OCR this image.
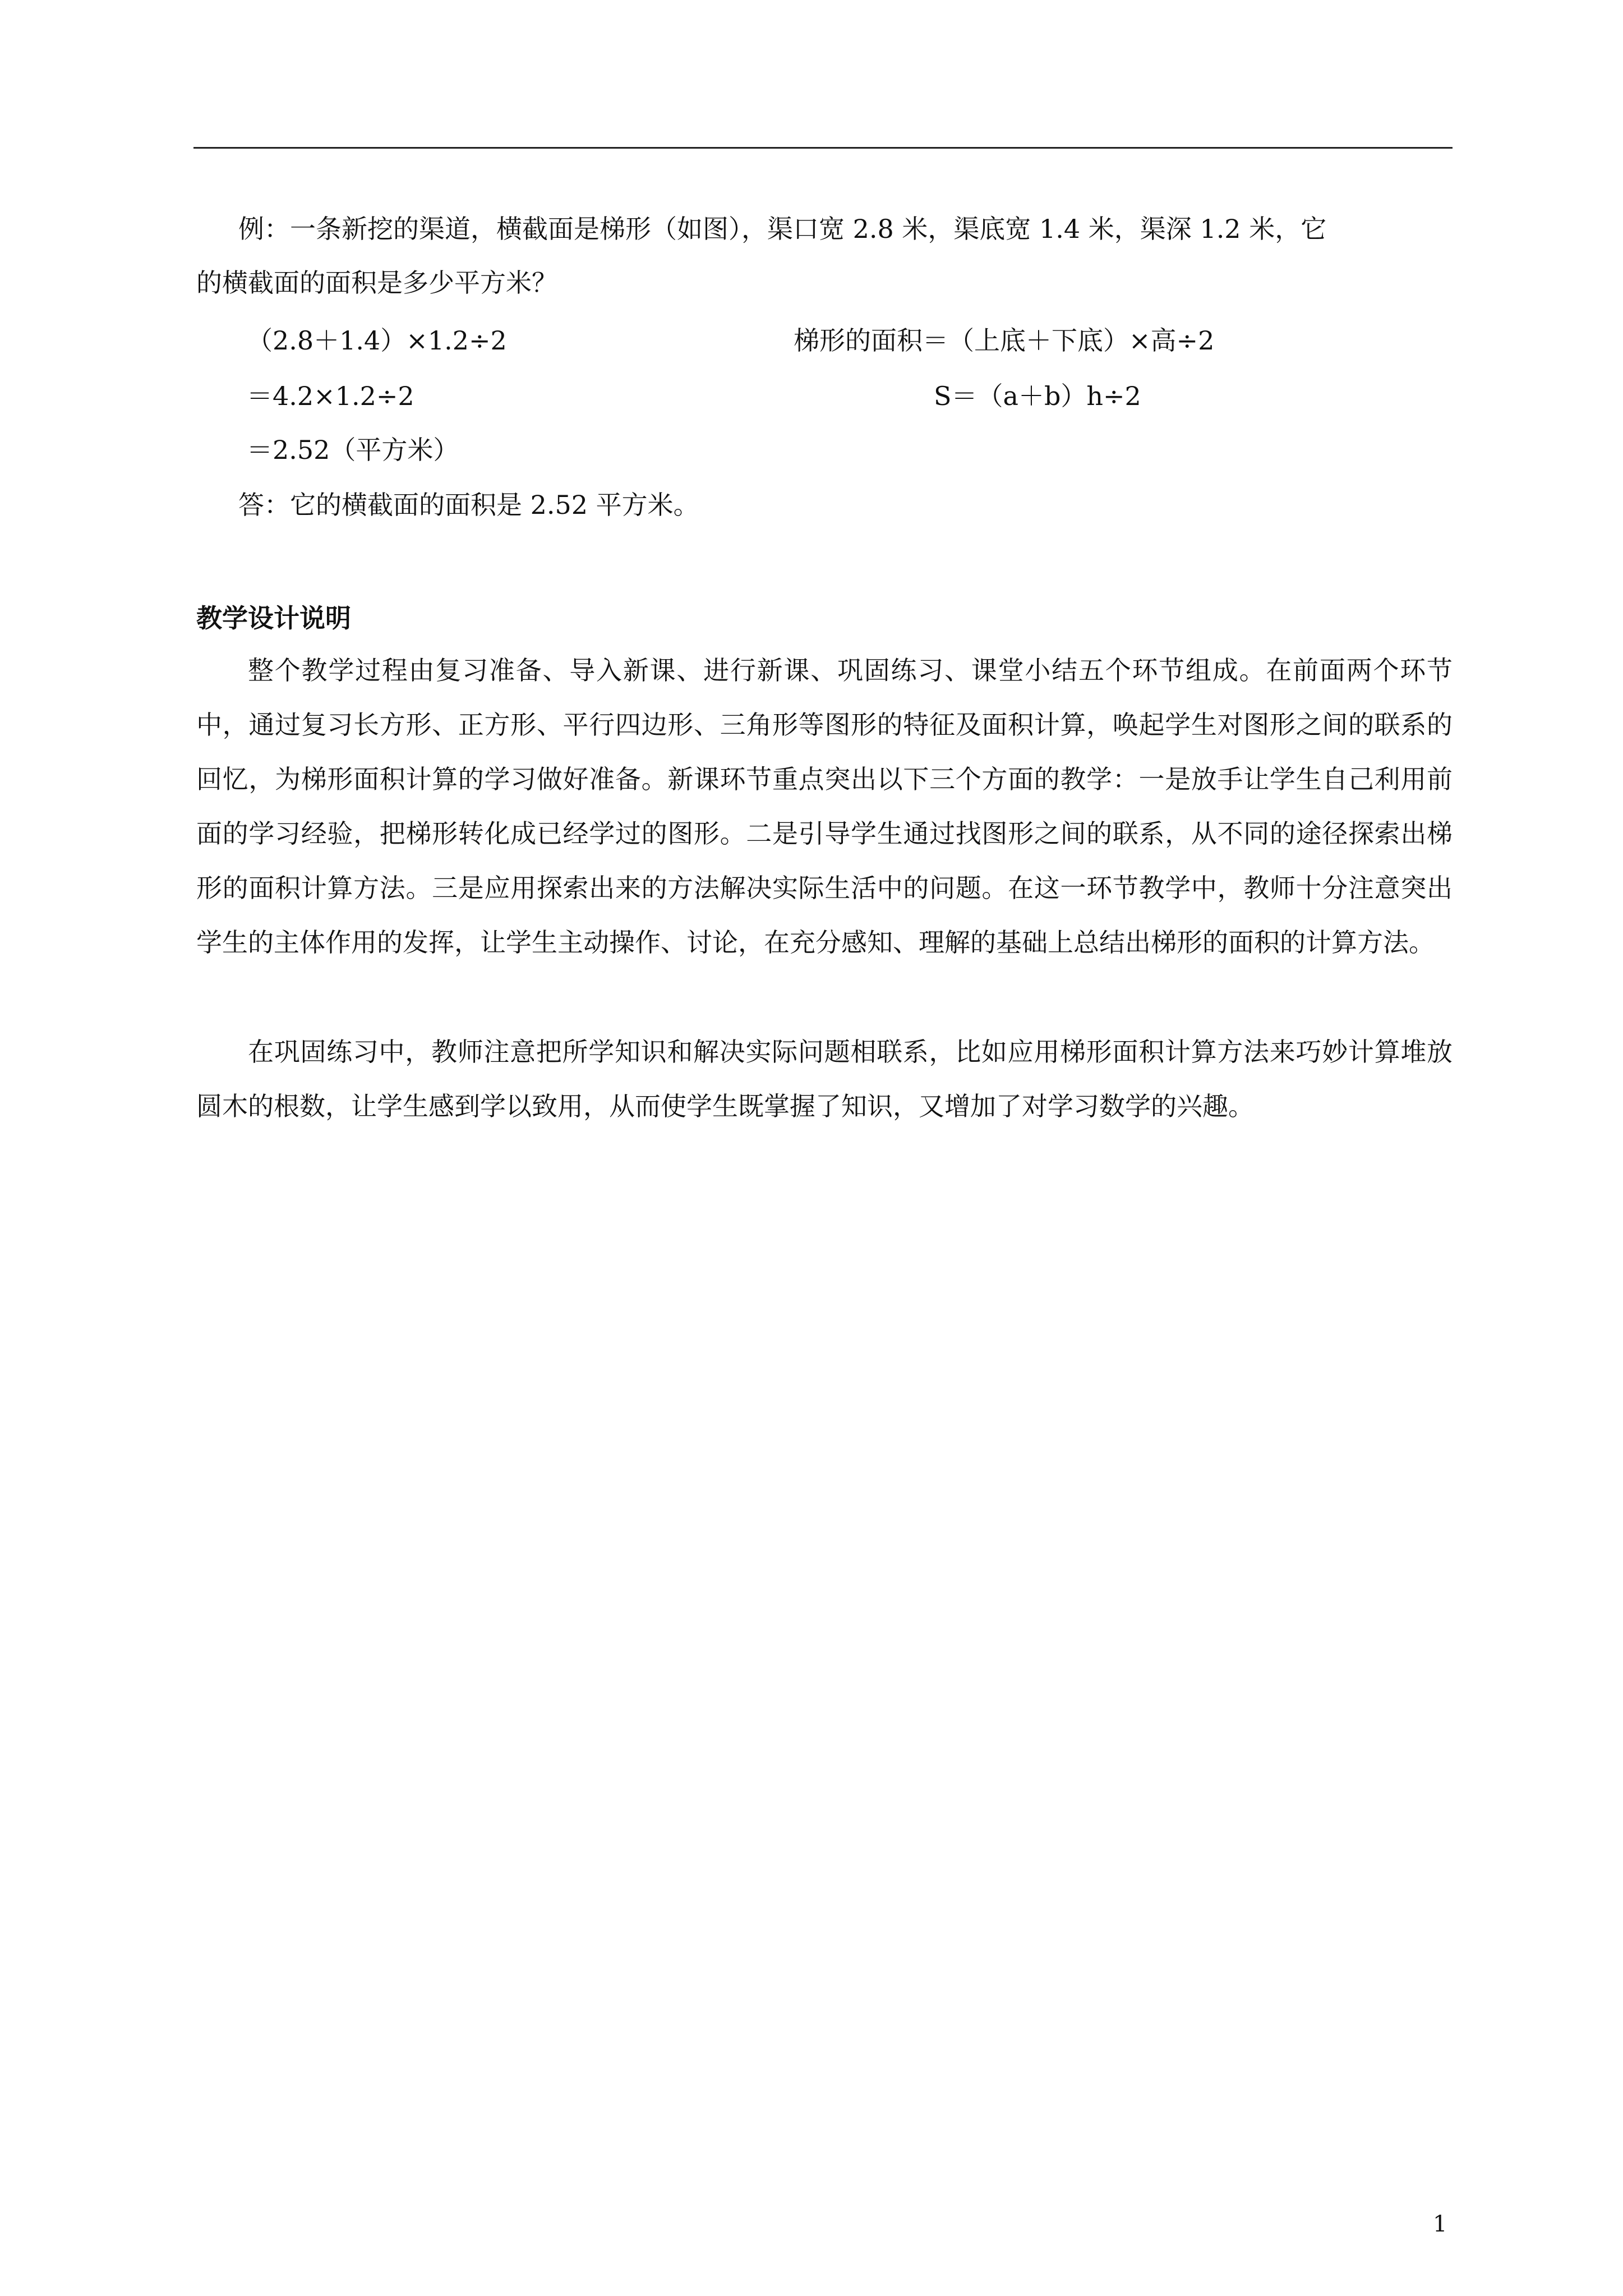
例：一条新挖的渠道，横截面是梯形（如图），渠口宽 2.8 米，渠底宽 1.4 米，渠深 1.2 米，它
的横截面的面积是多少平方米？
（2.8＋1.4）×1.2÷2	梯形的面积＝（上底＋下底）×高÷2
＝4.2×1.2÷2	S＝（a＋b）h÷2
＝2.52（平方米）
答：它的横截面的面积是 2.52 平方米。
教学设计说明
整个教学过程由复习准备、导入新课、进行新课、巩固练习、课堂小结五个环节组成。在前面两个环节中，通过复习长方形、正方形、平行四边形、三角形等图形的特征及面积计算，唤起学生对图形之间的联系的回忆，为梯形面积计算的学习做好准备。新课环节重点突出以下三个方面的教学：一是放手让学生自己利用前面的学习经验，把梯形转化成已经学过的图形。二是引导学生通过找图形之间的联系，从不同的途径探索出梯形的面积计算方法。三是应用探索出来的方法解决实际生活中的问题。在这一环节教学中，教师十分注意突出学生的主体作用的发挥，让学生主动操作、讨论，在充分感知、理解的基础上总结出梯形的面积的计算方法。
在巩固练习中，教师注意把所学知识和解决实际问题相联系，比如应用梯形面积计算方法来巧妙计算堆放圆木的根数，让学生感到学以致用，从而使学生既掌握了知识，又增加了对学习数学的兴趣。
1
